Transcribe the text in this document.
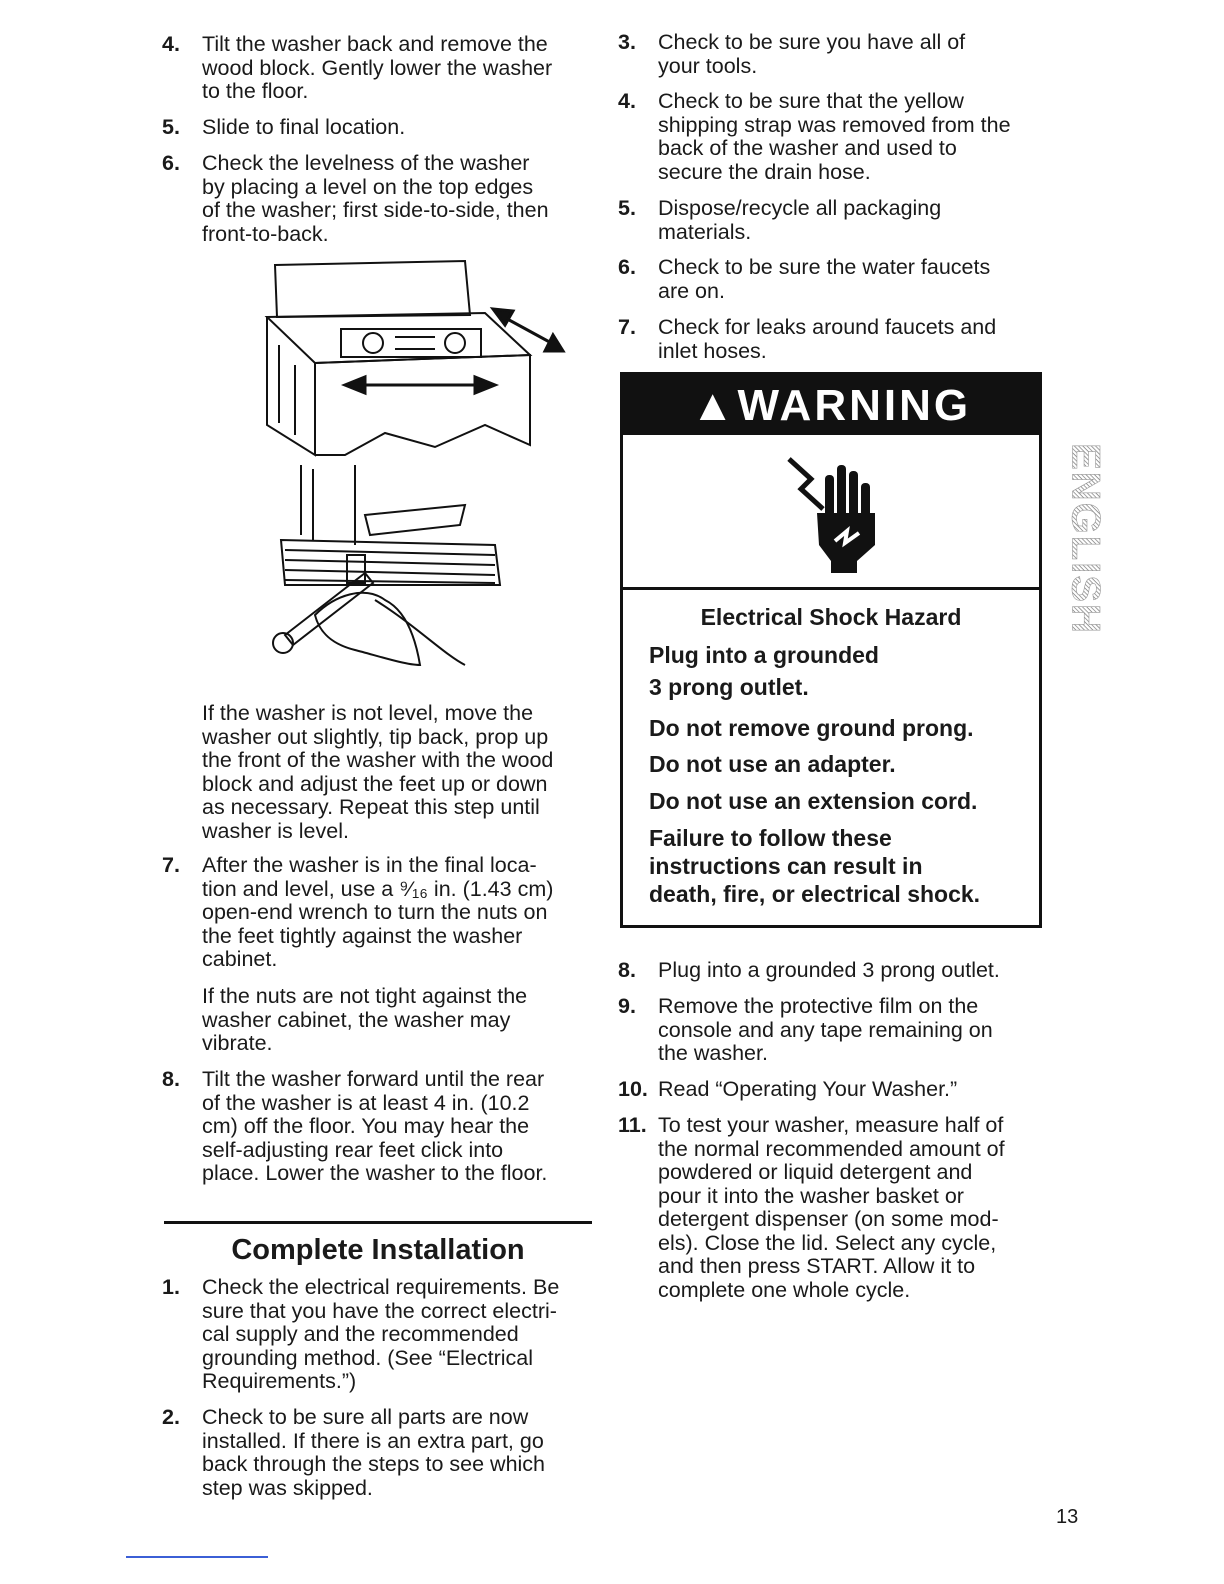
4.	Tilt the washer back and remove the
wood block. Gently lower the washer
to the floor.
5.	Slide to final location.
6.	Check the levelness of the washer
by placing a level on the top edges
of the washer; first side-to-side, then
front-to-back.
If the washer is not level, move the
washer out slightly, tip back, prop up
the front of the washer with the wood
block and adjust the feet up or down
as necessary. Repeat this step until
washer is level.
7.	After the washer is in the final loca-
tion and level, use a ⁹⁄₁₆ in. (1.43 cm)
open-end wrench to turn the nuts on
the feet tightly against the washer
cabinet.
If the nuts are not tight against the
washer cabinet, the washer may
vibrate.
8.	Tilt the washer forward until the rear
of the washer is at least 4 in. (10.2
cm) off the floor. You may hear the
self-adjusting rear feet click into
place. Lower the washer to the floor.
Complete Installation
1.	Check the electrical requirements. Be
sure that you have the correct electri-
cal supply and the recommended
grounding method. (See “Electrical
Requirements.”)
2.	Check to be sure all parts are now
installed. If there is an extra part, go
back through the steps to see which
step was skipped.
3.	Check to be sure you have all of
your tools.
4.	Check to be sure that the yellow
shipping strap was removed from the
back of the washer and used to
secure the drain hose.
5.	Dispose/recycle all packaging
materials.
6.	Check to be sure the water faucets
are on.
7.	Check for leaks around faucets and
inlet hoses.
▲WARNING
Electrical Shock Hazard
Plug into a grounded
3 prong outlet.
Do not remove ground prong.
Do not use an adapter.
Do not use an extension cord.
Failure to follow these
instructions can result in
death, fire, or electrical shock.
8.	Plug into a grounded 3 prong outlet.
9.	Remove the protective film on the
console and any tape remaining on
the washer.
10. Read “Operating Your Washer.”
11. To test your washer, measure half of
the normal recommended amount of
powdered or liquid detergent and
pour it into the washer basket or
detergent dispenser (on some mod-
els). Close the lid. Select any cycle,
and then press START. Allow it to
complete one whole cycle.
ENGLISH
13
